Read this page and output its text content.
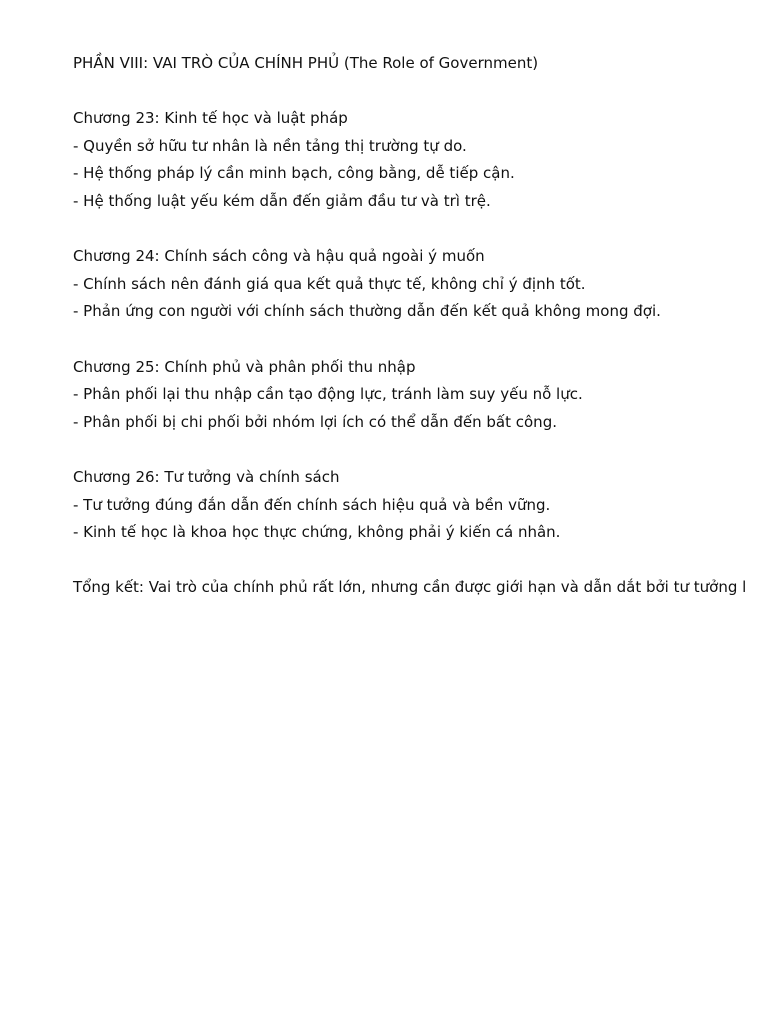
PHẦN VIII: VAI TRÒ CỦA CHÍNH PHỦ (The Role of Government)
Chương 23: Kinh tế học và luật pháp
- Quyền sở hữu tư nhân là nền tảng thị trường tự do.
- Hệ thống pháp lý cần minh bạch, công bằng, dễ tiếp cận.
- Hệ thống luật yếu kém dẫn đến giảm đầu tư và trì trệ.
Chương 24: Chính sách công và hậu quả ngoài ý muốn
- Chính sách nên đánh giá qua kết quả thực tế, không chỉ ý định tốt.
- Phản ứng con người với chính sách thường dẫn đến kết quả không mong đợi.
Chương 25: Chính phủ và phân phối thu nhập
- Phân phối lại thu nhập cần tạo động lực, tránh làm suy yếu nỗ lực.
- Phân phối bị chi phối bởi nhóm lợi ích có thể dẫn đến bất công.
Chương 26: Tư tưởng và chính sách
- Tư tưởng đúng đắn dẫn đến chính sách hiệu quả và bền vững.
- Kinh tế học là khoa học thực chứng, không phải ý kiến cá nhân.
Tổng kết: Vai trò của chính phủ rất lớn, nhưng cần được giới hạn và dẫn dắt bởi tư tưởng l
